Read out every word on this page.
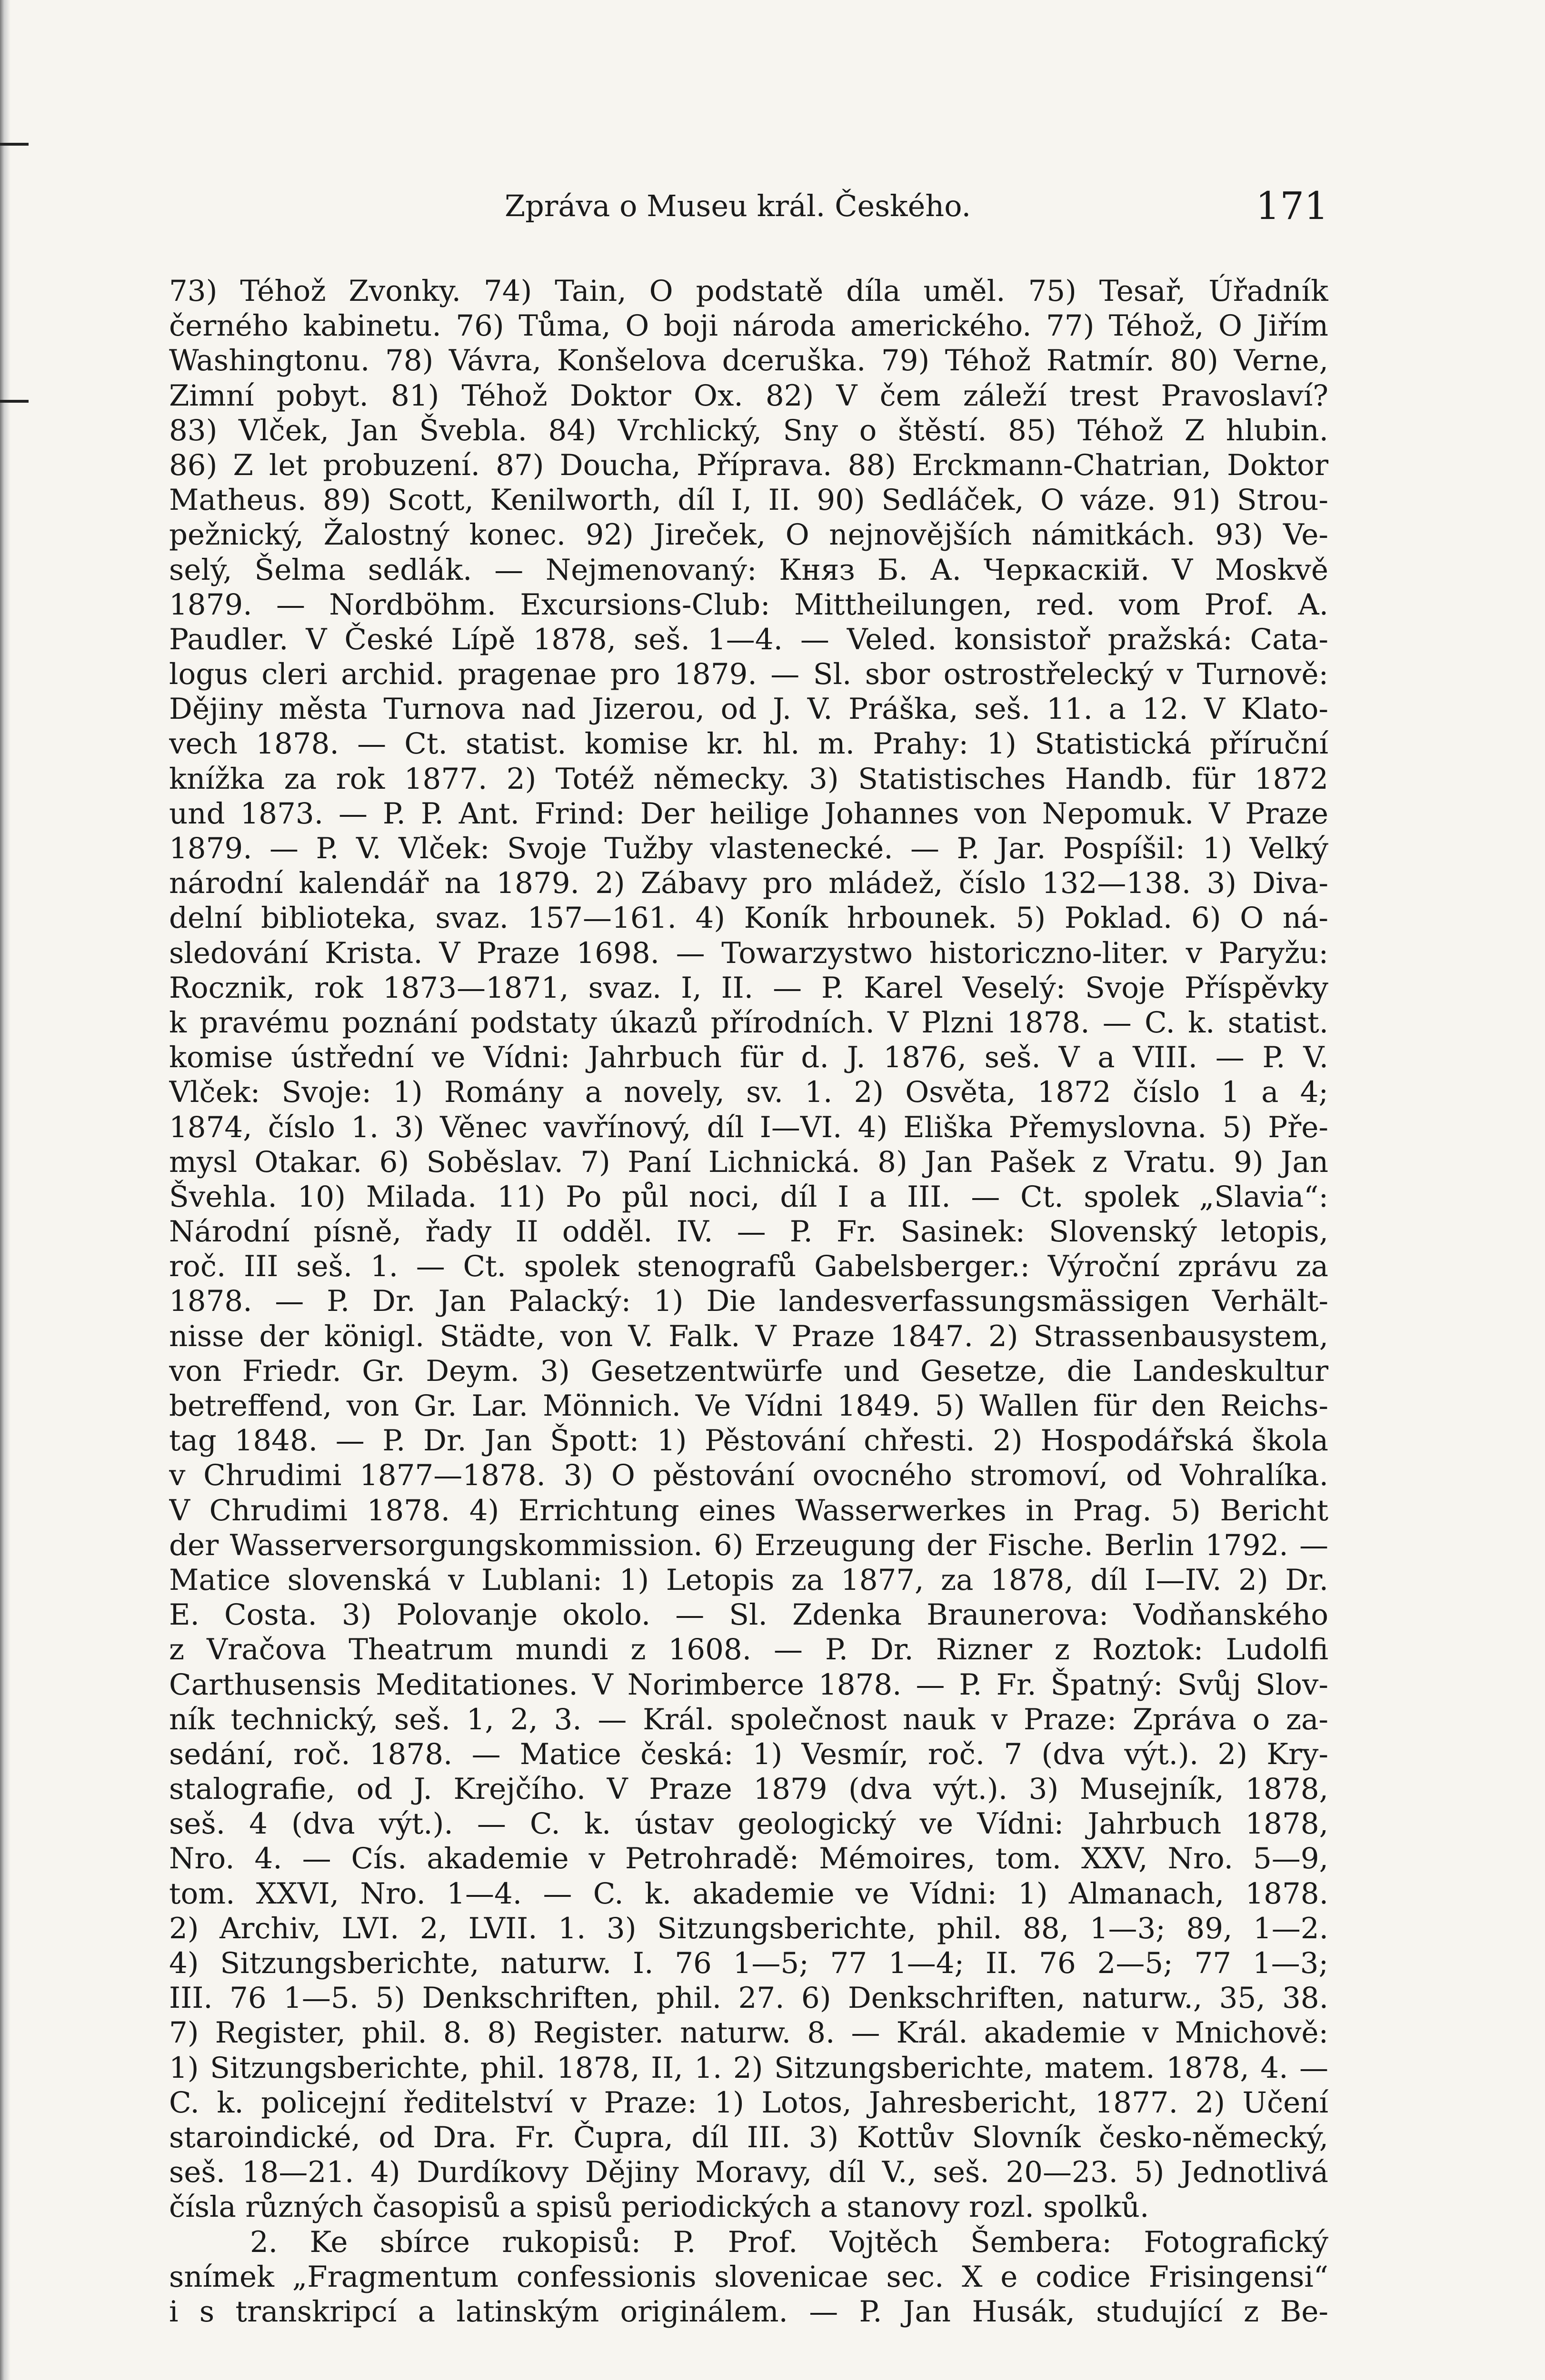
Zpráva o Museu král. Českého.	171
73) Téhož Zvonky. 74) Tain, O podstatě díla uměl. 75) Tesař, Úřadník
černého kabinetu. 76) Tůma, O boji národa amerického. 77) Téhož, O Jiřím
Washingtonu. 78) Vávra, Konšelova dceruška. 79) Téhož Ratmír. 80) Verne,
Zimní pobyt. 81) Téhož Doktor Ox. 82) V čem záleží trest Pravoslaví?
83) Vlček, Jan Švebla. 84) Vrchlický, Sny o štěstí. 85) Téhož Z hlubin.
86) Z let probuzení. 87) Doucha, Příprava. 88) Erckmann-Chatrian, Doktor
Matheus. 89) Scott, Kenilworth, díl I, II. 90) Sedláček, O váze. 91) Strou-
pežnický, Žalostný konec. 92) Jireček, O nejnovějších námitkách. 93) Ve-
selý, Šelma sedlák. — Nejmenovaný: Княз Б. А. Черкаскій. V Moskvě
1879. — Nordböhm. Excursions-Club: Mittheilungen, red. vom Prof. A.
Paudler. V České Lípě 1878, seš. 1—4. — Veled. konsistoř pražská: Cata-
logus cleri archid. pragenae pro 1879. — Sl. sbor ostrostřelecký v Turnově:
Dějiny města Turnova nad Jizerou, od J. V. Práška, seš. 11. a 12. V Klato-
vech 1878. — Ct. statist. komise kr. hl. m. Prahy: 1) Statistická příruční
knížka za rok 1877. 2) Totéž německy. 3) Statistisches Handb. für 1872
und 1873. — P. P. Ant. Frind: Der heilige Johannes von Nepomuk. V Praze
1879. — P. V. Vlček: Svoje Tužby vlastenecké. — P. Jar. Pospíšil: 1) Velký
národní kalendář na 1879. 2) Zábavy pro mládež, číslo 132—138. 3) Diva-
delní biblioteka, svaz. 157—161. 4) Koník hrbounek. 5) Poklad. 6) O ná-
sledování Krista. V Praze 1698. — Towarzystwo historiczno-liter. v Paryžu:
Rocznik, rok 1873—1871, svaz. I, II. — P. Karel Veselý: Svoje Příspěvky
k pravému poznání podstaty úkazů přírodních. V Plzni 1878. — C. k. statist.
komise ústřední ve Vídni: Jahrbuch für d. J. 1876, seš. V a VIII. — P. V.
Vlček: Svoje: 1) Romány a novely, sv. 1. 2) Osvěta, 1872 číslo 1 a 4;
1874, číslo 1. 3) Věnec vavřínový, díl I—VI. 4) Eliška Přemyslovna. 5) Pře-
mysl Otakar. 6) Soběslav. 7) Paní Lichnická. 8) Jan Pašek z Vratu. 9) Jan
Švehla. 10) Milada. 11) Po půl noci, díl I a III. — Ct. spolek „Slavia“:
Národní písně, řady II odděl. IV. — P. Fr. Sasinek: Slovenský letopis,
roč. III seš. 1. — Ct. spolek stenografů Gabelsberger.: Výroční zprávu za
1878. — P. Dr. Jan Palacký: 1) Die landesverfassungsmässigen Verhält-
nisse der königl. Städte, von V. Falk. V Praze 1847. 2) Strassenbausystem,
von Friedr. Gr. Deym. 3) Gesetzentwürfe und Gesetze, die Landeskultur
betreffend, von Gr. Lar. Mönnich. Ve Vídni 1849. 5) Wallen für den Reichs-
tag 1848. — P. Dr. Jan Špott: 1) Pěstování chřesti. 2) Hospodářská škola
v Chrudimi 1877—1878. 3) O pěstování ovocného stromoví, od Vohralíka.
V Chrudimi 1878. 4) Errichtung eines Wasserwerkes in Prag. 5) Bericht
der Wasserversorgungskommission. 6) Erzeugung der Fische. Berlin 1792. —
Matice slovenská v Lublani: 1) Letopis za 1877, za 1878, díl I—IV. 2) Dr.
E. Costa. 3) Polovanje okolo. — Sl. Zdenka Braunerova: Vodňanského
z Vračova Theatrum mundi z 1608. — P. Dr. Rizner z Roztok: Ludolfi
Carthusensis Meditationes. V Norimberce 1878. — P. Fr. Špatný: Svůj Slov-
ník technický, seš. 1, 2, 3. — Král. společnost nauk v Praze: Zpráva o za-
sedání, roč. 1878. — Matice česká: 1) Vesmír, roč. 7 (dva výt.). 2) Kry-
stalografie, od J. Krejčího. V Praze 1879 (dva výt.). 3) Musejník, 1878,
seš. 4 (dva výt.). — C. k. ústav geologický ve Vídni: Jahrbuch 1878,
Nro. 4. — Cís. akademie v Petrohradě: Mémoires, tom. XXV, Nro. 5—9,
tom. XXVI, Nro. 1—4. — C. k. akademie ve Vídni: 1) Almanach, 1878.
2) Archiv, LVI. 2, LVII. 1. 3) Sitzungsberichte, phil. 88, 1—3; 89, 1—2.
4) Sitzungsberichte, naturw. I. 76 1—5; 77 1—4; II. 76 2—5; 77 1—3;
III. 76 1—5. 5) Denkschriften, phil. 27. 6) Denkschriften, naturw., 35, 38.
7) Register, phil. 8. 8) Register. naturw. 8. — Král. akademie v Mnichově:
1) Sitzungsberichte, phil. 1878, II, 1. 2) Sitzungsberichte, matem. 1878, 4. —
C. k. policejní ředitelství v Praze: 1) Lotos, Jahresbericht, 1877. 2) Učení
staroindické, od Dra. Fr. Čupra, díl III. 3) Kottův Slovník česko-německý,
seš. 18—21. 4) Durdíkovy Dějiny Moravy, díl V., seš. 20—23. 5) Jednotlivá
čísla různých časopisů a spisů periodických a stanovy rozl. spolků.
2. Ke sbírce rukopisů: P. Prof. Vojtěch Šembera: Fotografický
snímek „Fragmentum confessionis slovenicae sec. X e codice Frisingensi“
i s transkripcí a latinským originálem. — P. Jan Husák, studující z Be-
